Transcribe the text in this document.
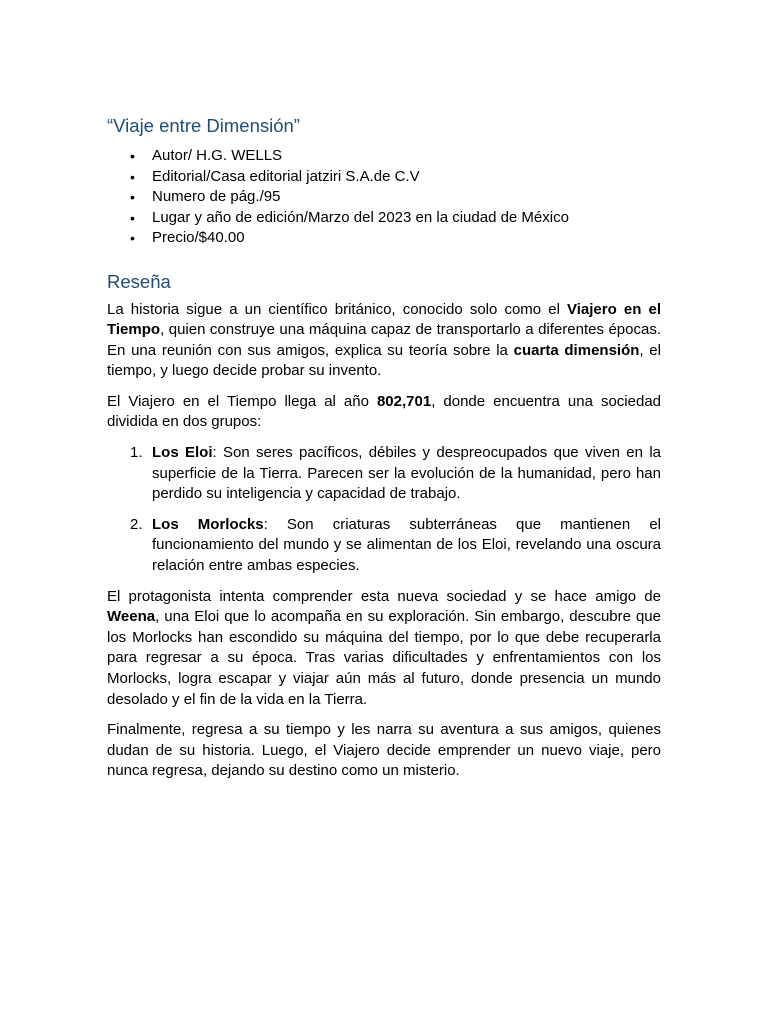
“Viaje entre Dimensión”
• Autor/ H.G. WELLS
• Editorial/Casa editorial jatziri S.A.de C.V
• Numero de pág./95
• Lugar y año de edición/Marzo del 2023 en la ciudad de México
• Precio/$40.00
Reseña

La historia sigue a un científico británico, conocido solo como el Viajero en el Tiempo, quien construye una máquina capaz de transportarlo a diferentes épocas. En una reunión con sus amigos, explica su teoría sobre la cuarta dimensión, el tiempo, y luego decide probar su invento.

El Viajero en el Tiempo llega al año 802,701, donde encuentra una sociedad dividida en dos grupos:

1. Los Eloi: Son seres pacíficos, débiles y despreocupados que viven en la superficie de la Tierra. Parecen ser la evolución de la humanidad, pero han perdido su inteligencia y capacidad de trabajo.
2. Los Morlocks: Son criaturas subterráneas que mantienen el funcionamiento del mundo y se alimentan de los Eloi, revelando una oscura relación entre ambas especies.

El protagonista intenta comprender esta nueva sociedad y se hace amigo de Weena, una Eloi que lo acompaña en su exploración. Sin embargo, descubre que los Morlocks han escondido su máquina del tiempo, por lo que debe recuperarla para regresar a su época. Tras varias dificultades y enfrentamientos con los Morlocks, logra escapar y viajar aún más al futuro, donde presencia un mundo desolado y el fin de la vida en la Tierra.

Finalmente, regresa a su tiempo y les narra su aventura a sus amigos, quienes dudan de su historia. Luego, el Viajero decide emprender un nuevo viaje, pero nunca regresa, dejando su destino como un misterio.
